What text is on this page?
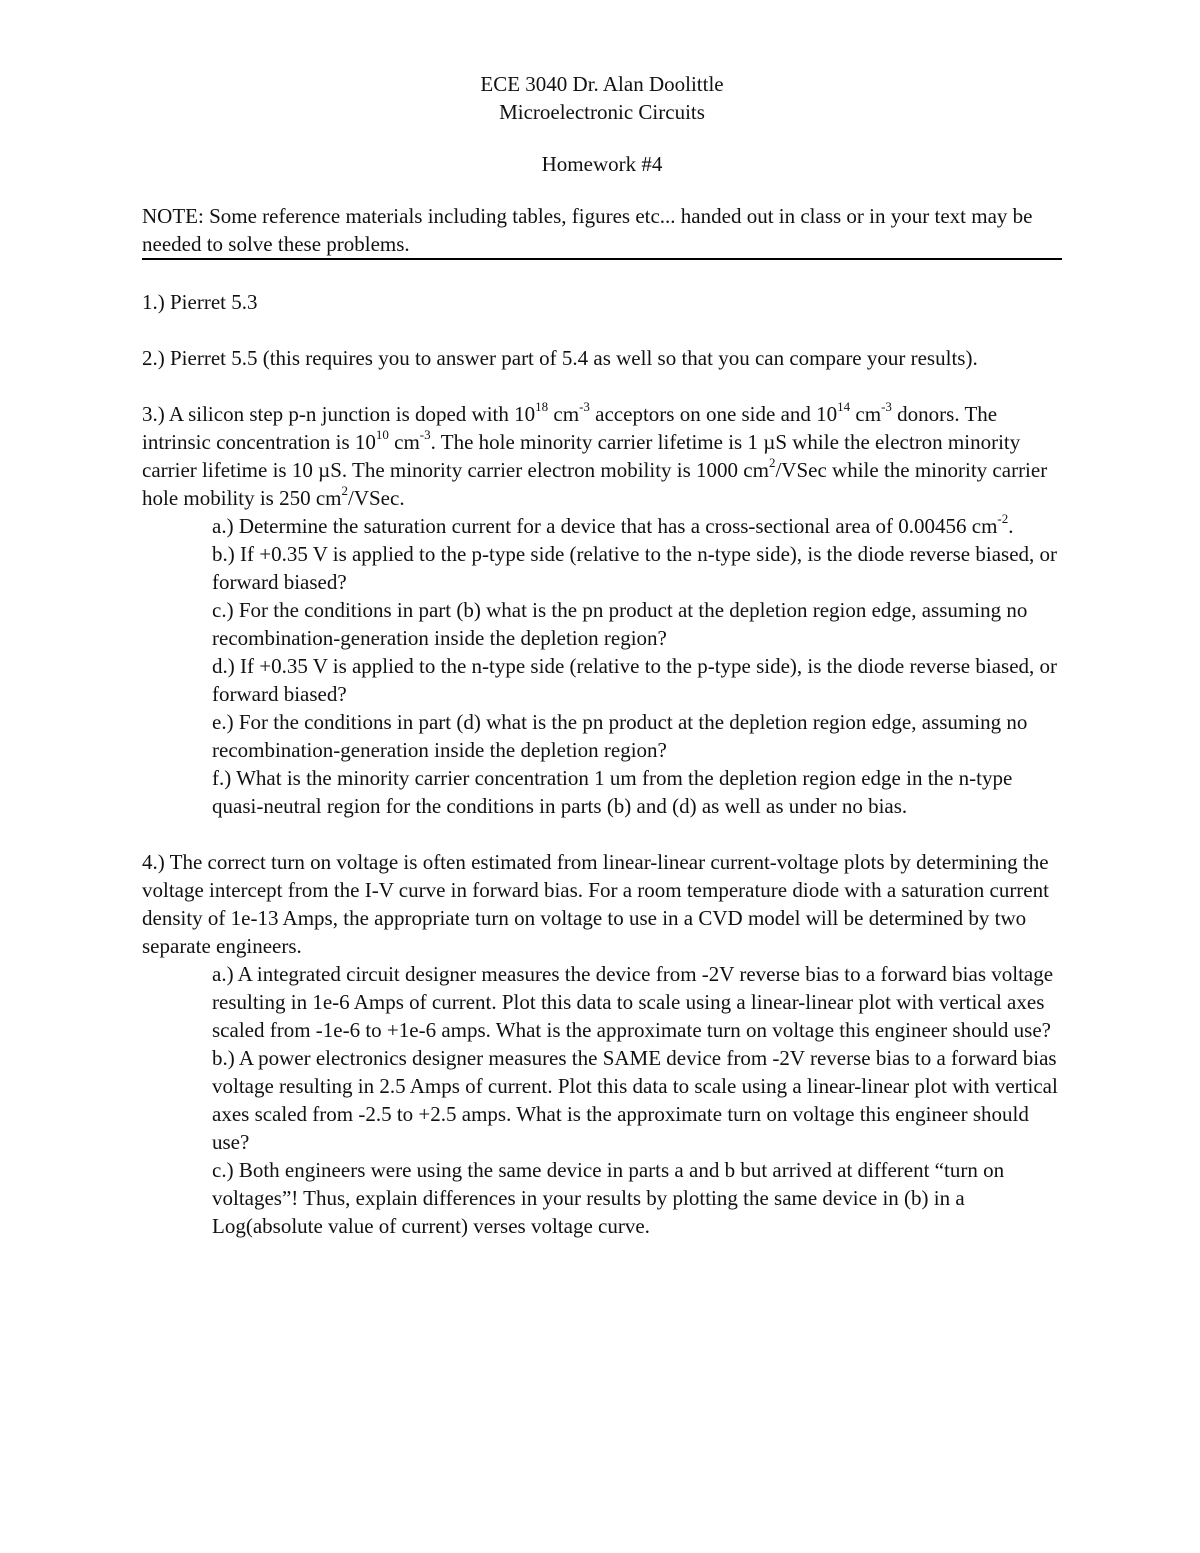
ECE 3040 Dr. Alan Doolittle
Microelectronic Circuits
Homework #4
NOTE: Some reference materials including tables, figures etc... handed out in class or in your text may be needed to solve these problems.
1.) Pierret 5.3
2.) Pierret 5.5 (this requires you to answer part of 5.4 as well so that you can compare your results).
3.) A silicon step p-n junction is doped with $10^{18}$ $cm^{-3}$ acceptors on one side and $10^{14}$ $cm^{-3}$ donors. The intrinsic concentration is $10^{10}$ $cm^{-3}$. The hole minority carrier lifetime is 1 µS while the electron minority carrier lifetime is 10 µS. The minority carrier electron mobility is 1000 $cm^2$/VSec while the minority carrier hole mobility is 250 $cm^2$/VSec.
a.) Determine the saturation current for a device that has a cross-sectional area of 0.00456 $cm^{-2}$.
b.) If +0.35 V is applied to the p-type side (relative to the n-type side), is the diode reverse biased, or forward biased?
c.) For the conditions in part (b) what is the pn product at the depletion region edge, assuming no recombination-generation inside the depletion region?
d.) If +0.35 V is applied to the n-type side (relative to the p-type side), is the diode reverse biased, or forward biased?
e.) For the conditions in part (d) what is the pn product at the depletion region edge, assuming no recombination-generation inside the depletion region?
f.) What is the minority carrier concentration 1 um from the depletion region edge in the n-type quasi-neutral region for the conditions in parts (b) and (d) as well as under no bias.
4.) The correct turn on voltage is often estimated from linear-linear current-voltage plots by determining the voltage intercept from the I-V curve in forward bias. For a room temperature diode with a saturation current density of 1e-13 Amps, the appropriate turn on voltage to use in a CVD model will be determined by two separate engineers.
a.) A integrated circuit designer measures the device from -2V reverse bias to a forward bias voltage resulting in 1e-6 Amps of current. Plot this data to scale using a linear-linear plot with vertical axes scaled from -1e-6 to +1e-6 amps. What is the approximate turn on voltage this engineer should use?
b.) A power electronics designer measures the SAME device from -2V reverse bias to a forward bias voltage resulting in 2.5 Amps of current. Plot this data to scale using a linear-linear plot with vertical axes scaled from -2.5 to +2.5 amps. What is the approximate turn on voltage this engineer should use?
c.) Both engineers were using the same device in parts a and b but arrived at different “turn on voltages”! Thus, explain differences in your results by plotting the same device in (b) in a Log(absolute value of current) verses voltage curve.
